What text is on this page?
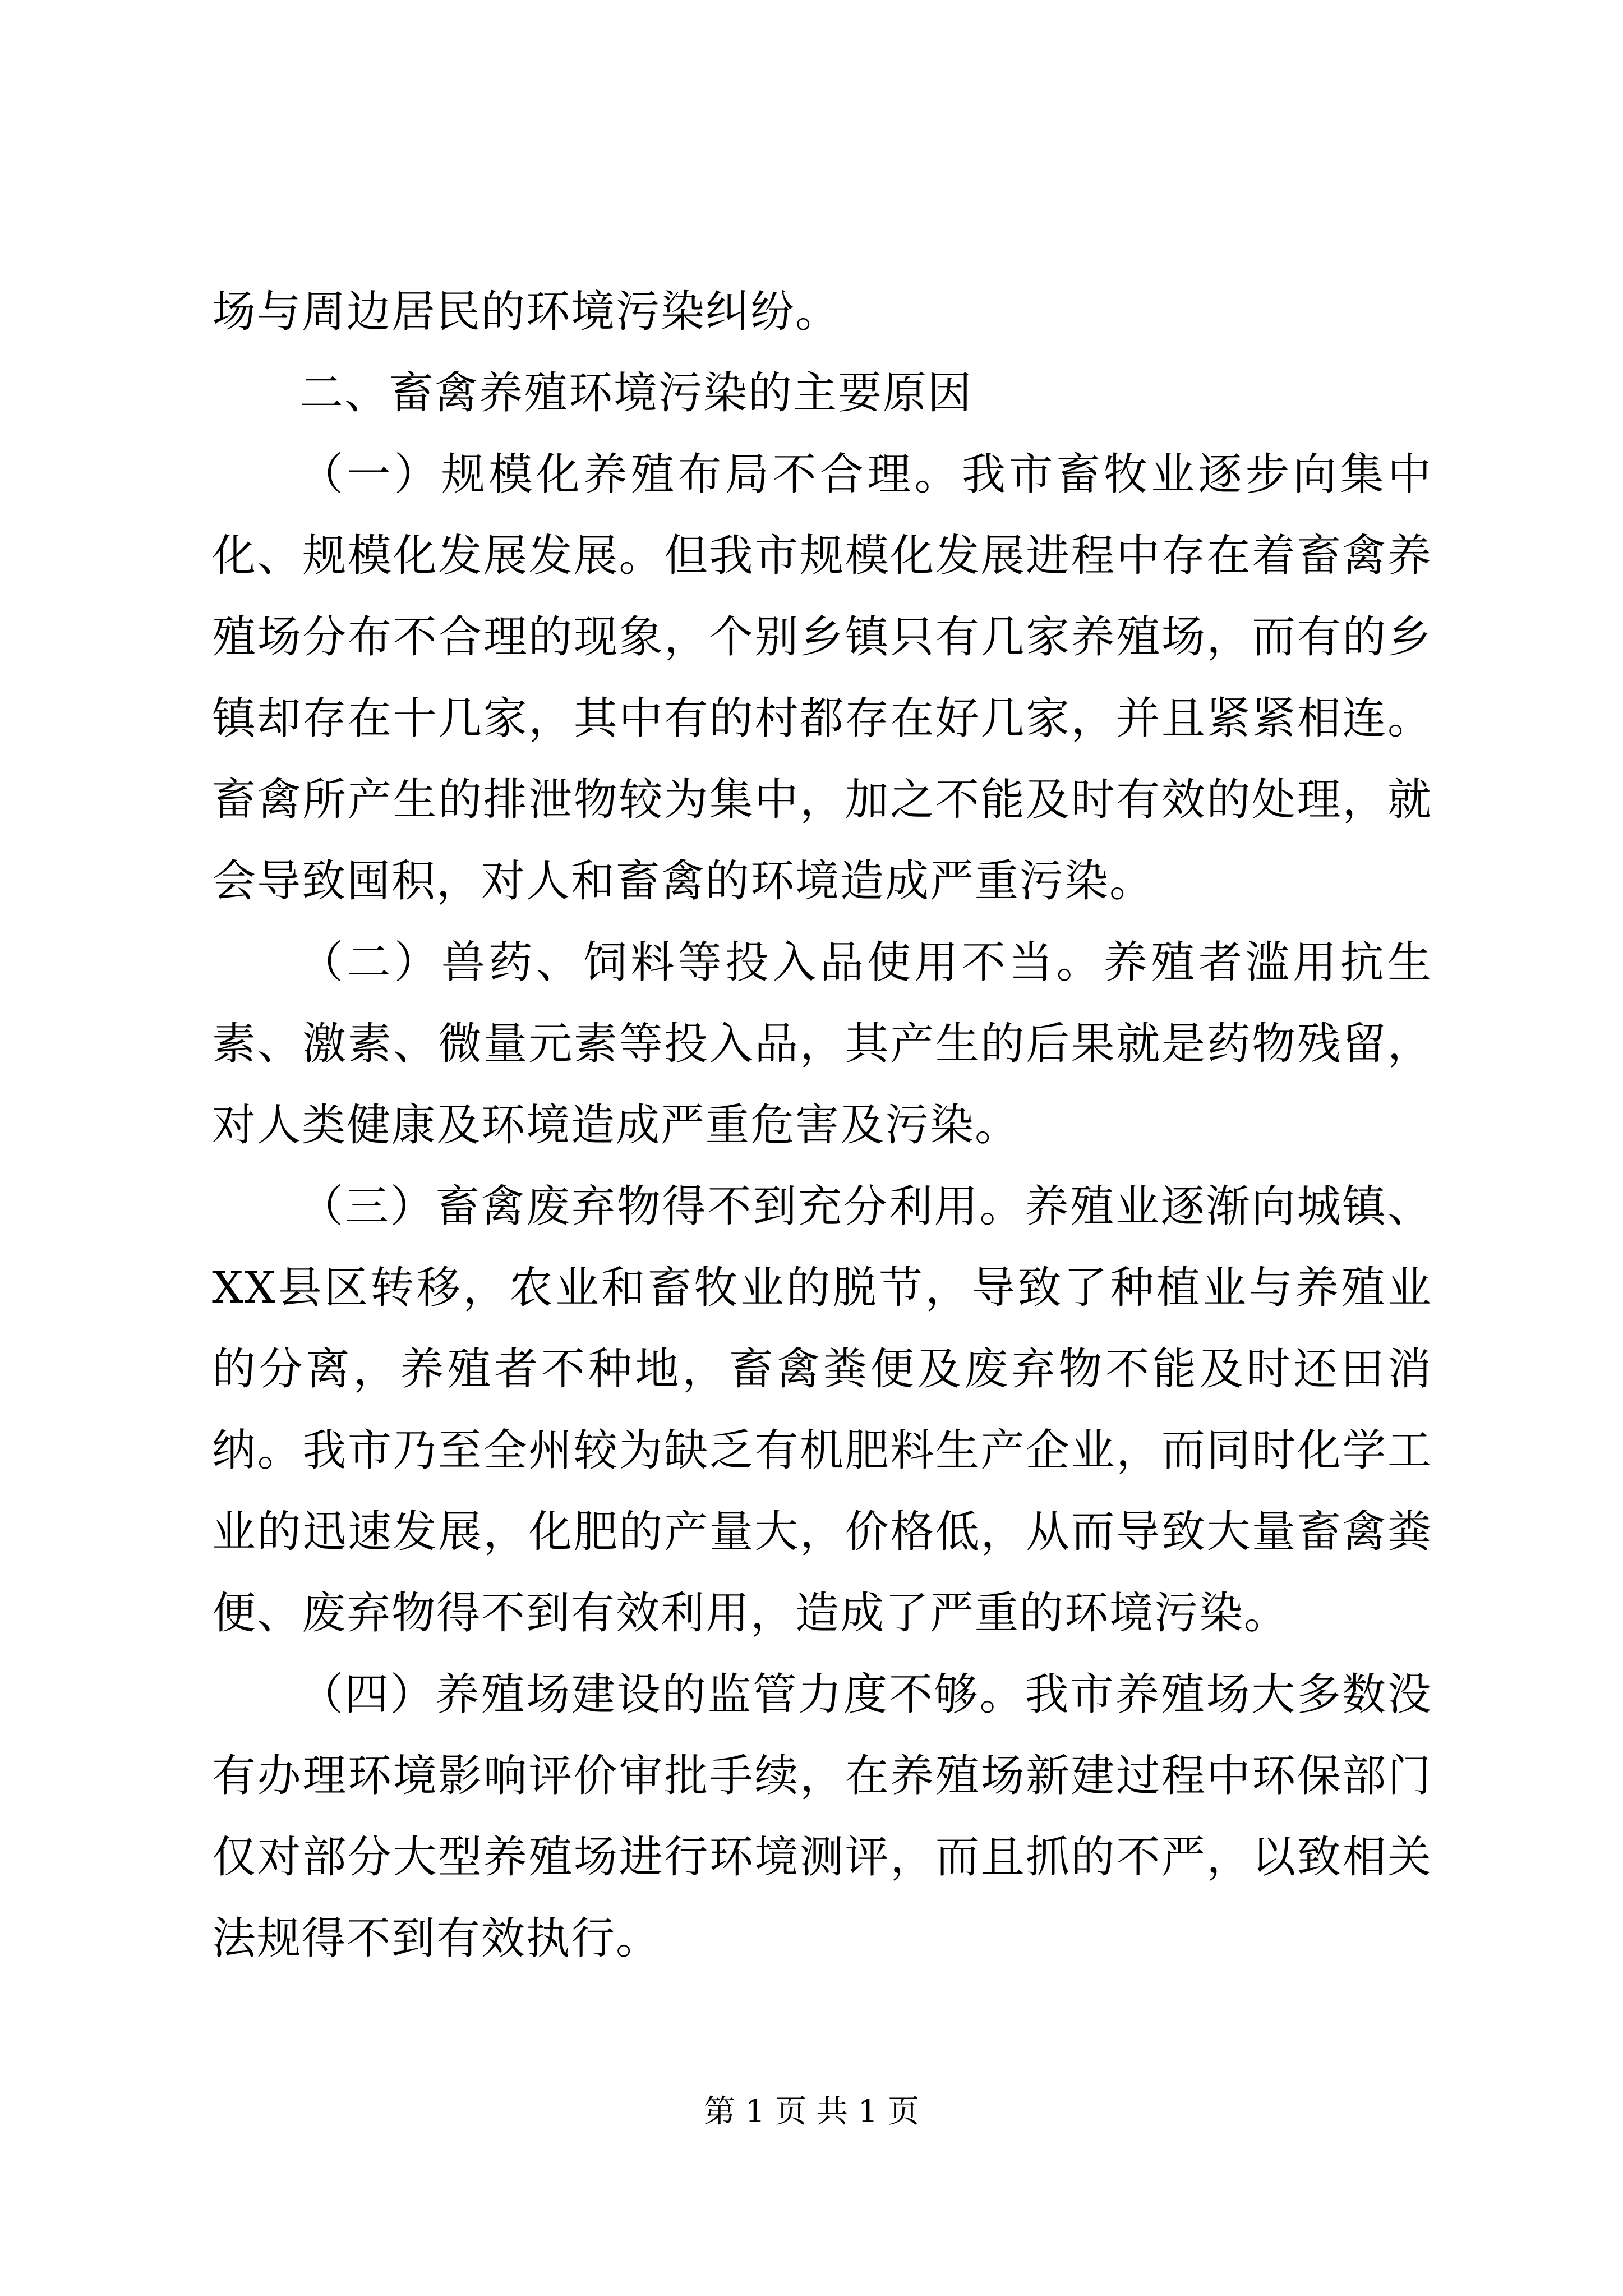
场与周边居民的环境污染纠纷。

二、畜禽养殖环境污染的主要原因

（一）规模化养殖布局不合理。我市畜牧业逐步向集中化、规模化发展发展。但我市规模化发展进程中存在着畜禽养殖场分布不合理的现象，个别乡镇只有几家养殖场，而有的乡镇却存在十几家，其中有的村都存在好几家，并且紧紧相连。畜禽所产生的排泄物较为集中，加之不能及时有效的处理，就会导致囤积，对人和畜禽的环境造成严重污染。

（二）兽药、饲料等投入品使用不当。养殖者滥用抗生素、激素、微量元素等投入品，其产生的后果就是药物残留，对人类健康及环境造成严重危害及污染。

（三）畜禽废弃物得不到充分利用。养殖业逐渐向城镇、XX县区转移，农业和畜牧业的脱节，导致了种植业与养殖业的分离，养殖者不种地，畜禽粪便及废弃物不能及时还田消纳。我市乃至全州较为缺乏有机肥料生产企业，而同时化学工业的迅速发展，化肥的产量大，价格低，从而导致大量畜禽粪便、废弃物得不到有效利用，造成了严重的环境污染。

（四）养殖场建设的监管力度不够。我市养殖场大多数没有办理环境影响评价审批手续，在养殖场新建过程中环保部门仅对部分大型养殖场进行环境测评，而且抓的不严，以致相关法规得不到有效执行。

第 1 页 共 1 页
